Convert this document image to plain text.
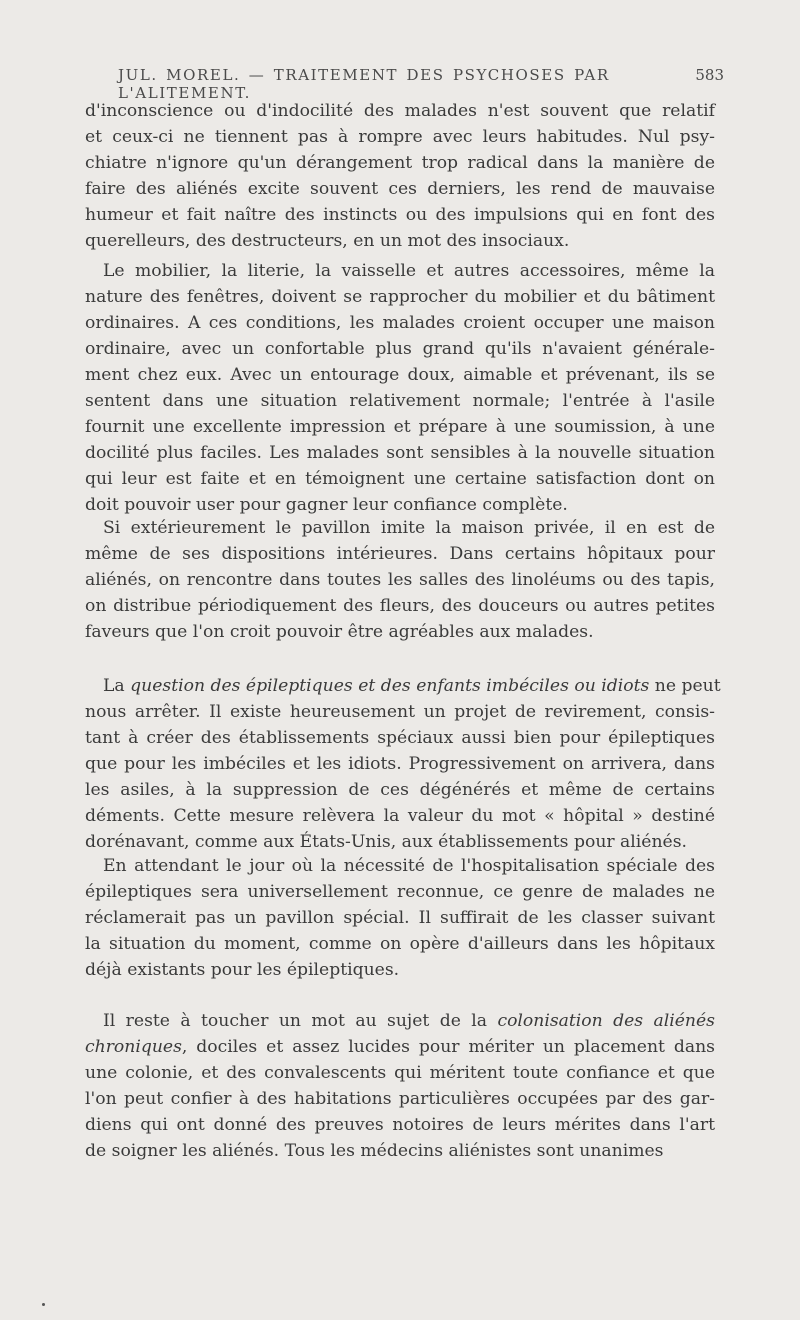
JUL. MOREL. — TRAITEMENT DES PSYCHOSES PAR L'ALITEMENT.
583
d'inconscience ou d'indocilité des malades n'est souvent que relatif
et ceux-ci ne tiennent pas à rompre avec leurs habitudes. Nul psy-
chiatre n'ignore qu'un dérangement trop radical dans la manière de
faire des aliénés excite souvent ces derniers, les rend de mauvaise
humeur et fait naître des instincts ou des impulsions qui en font des
querelleurs, des destructeurs, en un mot des insociaux.
Le mobilier, la literie, la vaisselle et autres accessoires, même la
nature des fenêtres, doivent se rapprocher du mobilier et du bâtiment
ordinaires. A ces conditions, les malades croient occuper une maison
ordinaire, avec un confortable plus grand qu'ils n'avaient générale-
ment chez eux. Avec un entourage doux, aimable et prévenant, ils se
sentent dans une situation relativement normale; l'entrée à l'asile
fournit une excellente impression et prépare à une soumission, à une
docilité plus faciles. Les malades sont sensibles à la nouvelle situation
qui leur est faite et en témoignent une certaine satisfaction dont on
doit pouvoir user pour gagner leur confiance complète.
Si extérieurement le pavillon imite la maison privée, il en est de
même de ses dispositions intérieures. Dans certains hôpitaux pour
aliénés, on rencontre dans toutes les salles des linoléums ou des tapis,
on distribue périodiquement des fleurs, des douceurs ou autres petites
faveurs que l'on croit pouvoir être agréables aux malades.
La question des épileptiques et des enfants imbéciles ou idiots ne peut
nous arrêter. Il existe heureusement un projet de revirement, consis-
tant à créer des établissements spéciaux aussi bien pour épileptiques
que pour les imbéciles et les idiots. Progressivement on arrivera, dans
les asiles, à la suppression de ces dégénérés et même de certains
déments. Cette mesure relèvera la valeur du mot « hôpital » destiné
dorénavant, comme aux États-Unis, aux établissements pour aliénés.
En attendant le jour où la nécessité de l'hospitalisation spéciale des
épileptiques sera universellement reconnue, ce genre de malades ne
réclamerait pas un pavillon spécial. Il suffirait de les classer suivant
la situation du moment, comme on opère d'ailleurs dans les hôpitaux
déjà existants pour les épileptiques.
Il reste à toucher un mot au sujet de la colonisation des aliénés
chroniques, dociles et assez lucides pour mériter un placement dans
une colonie, et des convalescents qui méritent toute confiance et que
l'on peut confier à des habitations particulières occupées par des gar-
diens qui ont donné des preuves notoires de leurs mérites dans l'art
de soigner les aliénés. Tous les médecins aliénistes sont unanimes
